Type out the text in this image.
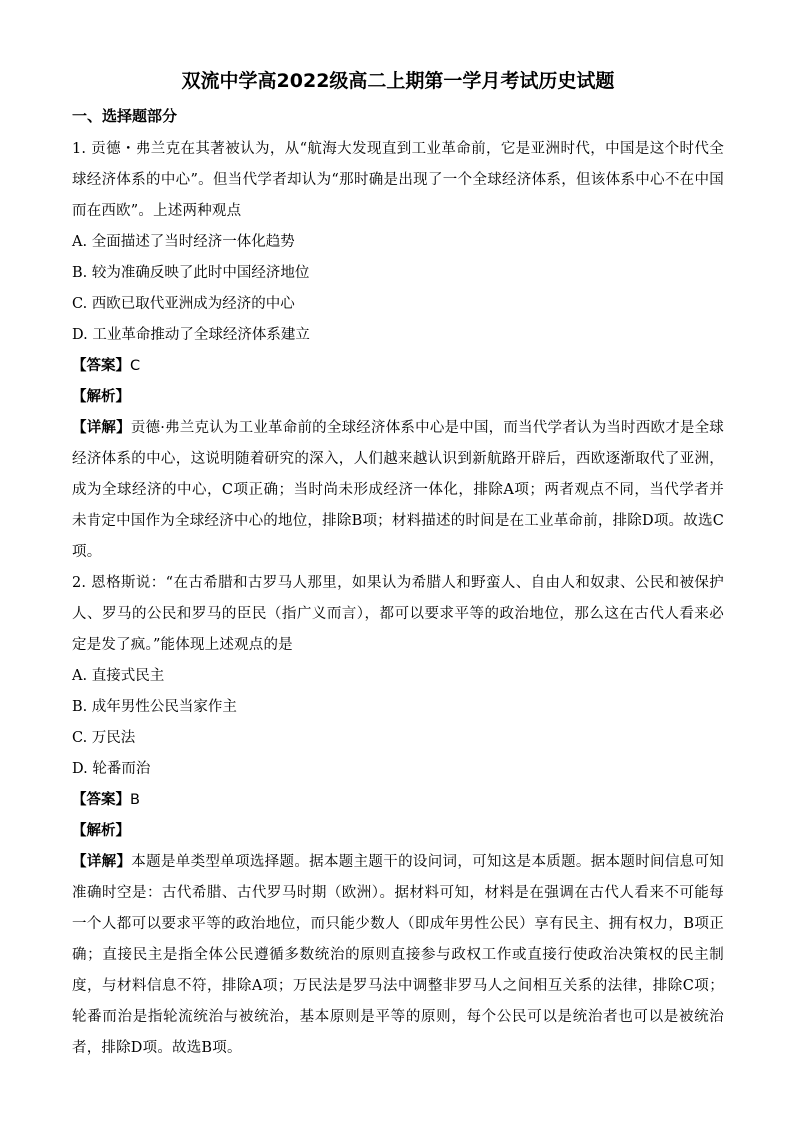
双流中学高2022级高二上期第一学月考试历史试题

一、选择题部分

1. 贡德・弗兰克在其著被认为，从“航海大发现直到工业革命前，它是亚洲时代，中国是这个时代全球经济体系的中心”。但当代学者却认为“那时确是出现了一个全球经济体系，但该体系中心不在中国而在西欧”。上述两种观点

A. 全面描述了当时经济一体化趋势

B. 较为准确反映了此时中国经济地位

C. 西欧已取代亚洲成为经济的中心

D. 工业革命推动了全球经济体系建立

【答案】C

【解析】

【详解】贡德·弗兰克认为工业革命前的全球经济体系中心是中国，而当代学者认为当时西欧才是全球经济体系的中心，这说明随着研究的深入，人们越来越认识到新航路开辟后，西欧逐渐取代了亚洲，成为全球经济的中心，C项正确；当时尚未形成经济一体化，排除A项；两者观点不同，当代学者并未肯定中国作为全球经济中心的地位，排除B项；材料描述的时间是在工业革命前，排除D项。故选C项。

2. 恩格斯说：“在古希腊和古罗马人那里，如果认为希腊人和野蛮人、自由人和奴隶、公民和被保护人、罗马的公民和罗马的臣民（指广义而言），都可以要求平等的政治地位，那么这在古代人看来必定是发了疯。”能体现上述观点的是

A. 直接式民主

B. 成年男性公民当家作主

C. 万民法

D. 轮番而治

【答案】B

【解析】

【详解】本题是单类型单项选择题。据本题主题干的设问词，可知这是本质题。据本题时间信息可知准确时空是：古代希腊、古代罗马时期（欧洲）。据材料可知，材料是在强调在古代人看来不可能每一个人都可以要求平等的政治地位，而只能少数人（即成年男性公民）享有民主、拥有权力，B项正确；直接民主是指全体公民遵循多数统治的原则直接参与政权工作或直接行使政治决策权的民主制度，与材料信息不符，排除A项；万民法是罗马法中调整非罗马人之间相互关系的法律，排除C项；轮番而治是指轮流统治与被统治，基本原则是平等的原则，每个公民可以是统治者也可以是被统治者，排除D项。故选B项。
